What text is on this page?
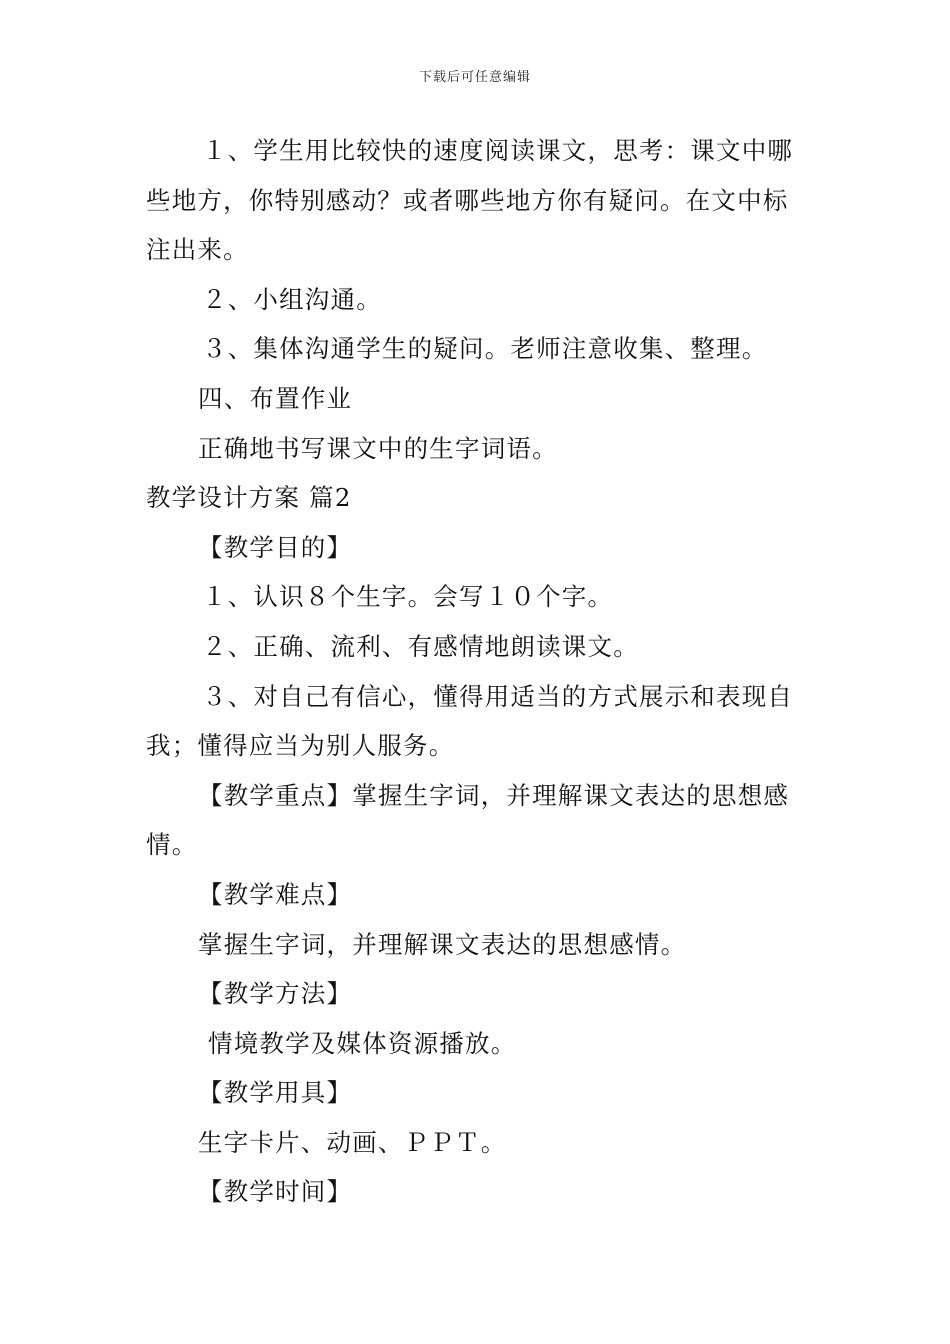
下载后可任意编辑

１、学生用比较快的速度阅读课文，思考：课文中哪些地方，你特别感动？或者哪些地方你有疑问。在文中标注出来。

２、小组沟通。

３、集体沟通学生的疑问。老师注意收集、整理。

四、布置作业

正确地书写课文中的生字词语。

教学设计方案 篇2

【教学目的】

１、认识８个生字。会写１０个字。

２、正确、流利、有感情地朗读课文。

３、对自己有信心，懂得用适当的方式展示和表现自我；懂得应当为别人服务。

【教学重点】掌握生字词，并理解课文表达的思想感情。

【教学难点】

掌握生字词，并理解课文表达的思想感情。

【教学方法】

情境教学及媒体资源播放。

【教学用具】

生字卡片、动画、ＰＰＴ。

【教学时间】
